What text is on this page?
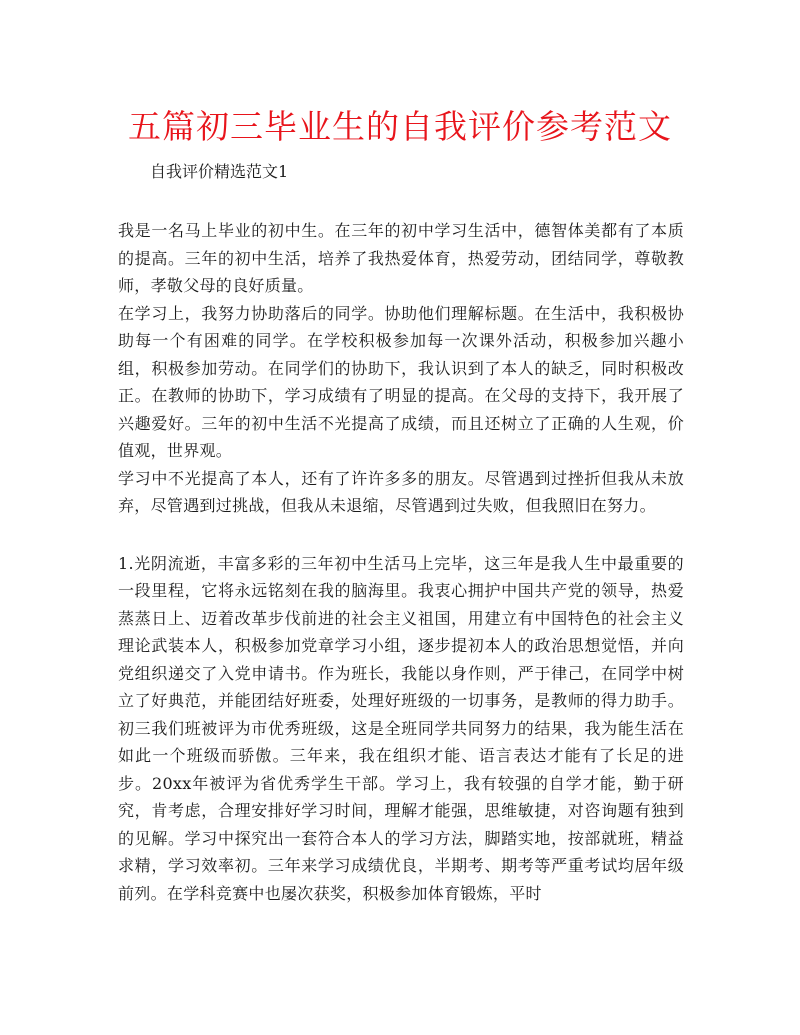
五篇初三毕业生的自我评价参考范文
自我评价精选范文1

我是一名马上毕业的初中生。在三年的初中学习生活中，德智体美都有了本质的提高。三年的初中生活，培养了我热爱体育，热爱劳动，团结同学，尊敬教师，孝敬父母的良好质量。

在学习上，我努力协助落后的同学。协助他们理解标题。在生活中，我积极协助每一个有困难的同学。在学校积极参加每一次课外活动，积极参加兴趣小组，积极参加劳动。在同学们的协助下，我认识到了本人的缺乏，同时积极改正。在教师的协助下，学习成绩有了明显的提高。在父母的支持下，我开展了兴趣爱好。三年的初中生活不光提高了成绩，而且还树立了正确的人生观，价值观，世界观。

学习中不光提高了本人，还有了许许多多的朋友。尽管遇到过挫折但我从未放弃，尽管遇到过挑战，但我从未退缩，尽管遇到过失败，但我照旧在努力。

1.光阴流逝，丰富多彩的三年初中生活马上完毕，这三年是我人生中最重要的一段里程，它将永远铭刻在我的脑海里。我衷心拥护中国共产党的领导，热爱蒸蒸日上、迈着改革步伐前进的社会主义祖国，用建立有中国特色的社会主义理论武装本人，积极参加党章学习小组，逐步提初本人的政治思想觉悟，并向党组织递交了入党申请书。作为班长，我能以身作则，严于律己，在同学中树立了好典范，并能团结好班委，处理好班级的一切事务，是教师的得力助手。初三我们班被评为市优秀班级，这是全班同学共同努力的结果，我为能生活在如此一个班级而骄傲。三年来，我在组织才能、语言表达才能有了长足的进步。20xx年被评为省优秀学生干部。学习上，我有较强的自学才能，勤于研究，肯考虑，合理安排好学习时间，理解才能强，思维敏捷，对咨询题有独到的见解。学习中探究出一套符合本人的学习方法，脚踏实地，按部就班，精益求精，学习效率初。三年来学习成绩优良，半期考、期考等严重考试均居年级前列。在学科竞赛中也屡次获奖，积极参加体育锻炼，平时
